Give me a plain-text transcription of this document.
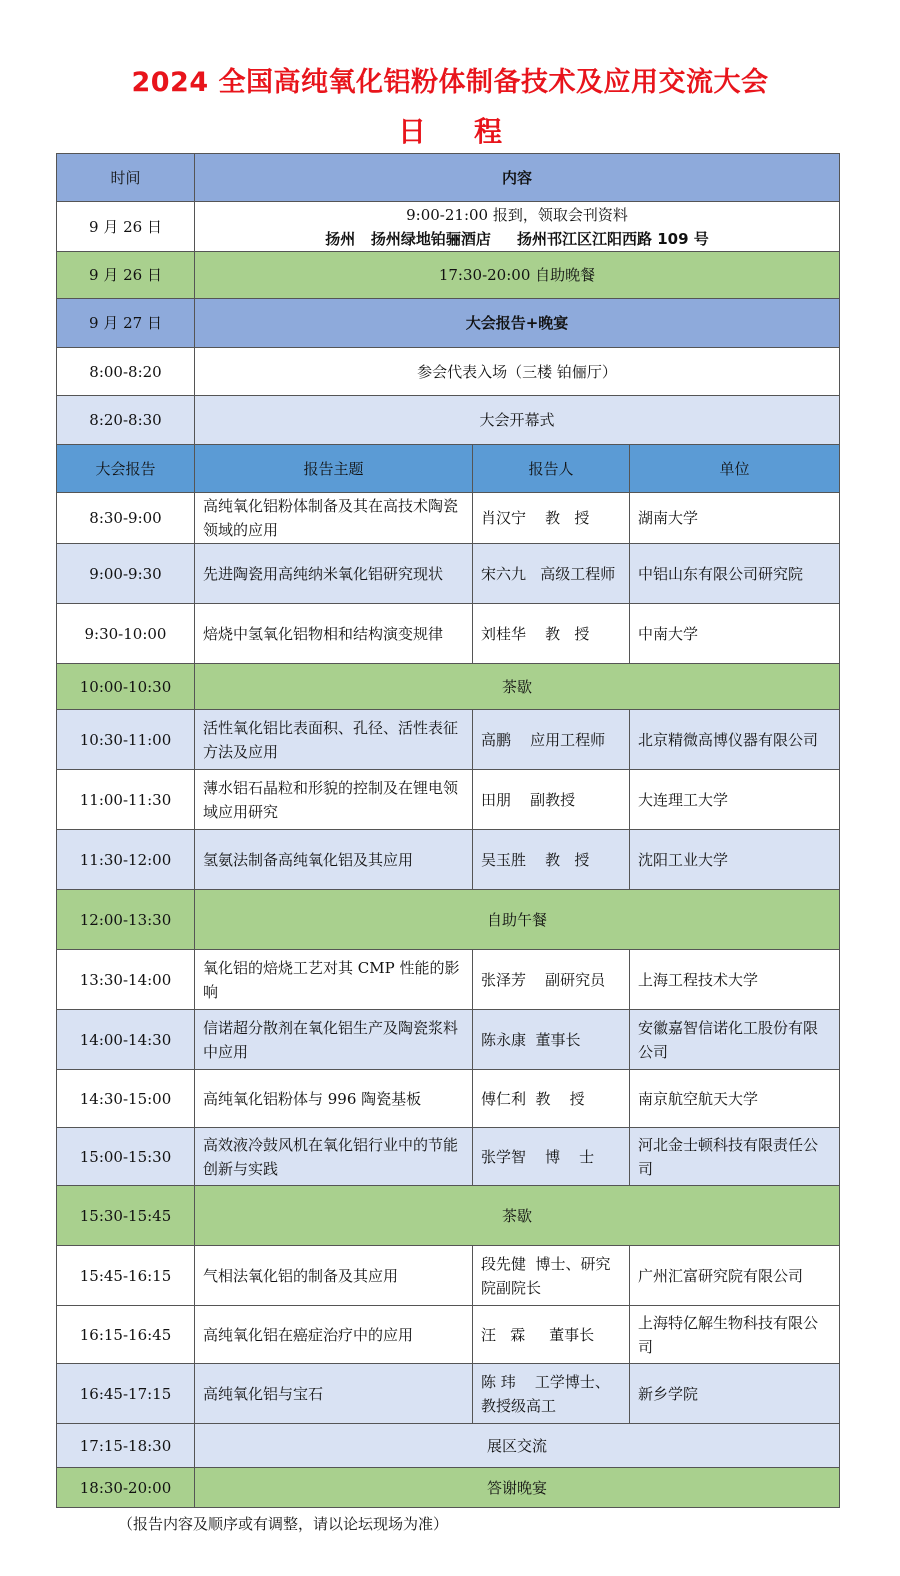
2024 全国高纯氧化铝粉体制备技术及应用交流大会
日程
时间	内容		
9 月 26 日	9:00-21:00 报到，领取会刊资料
扬州   扬州绿地铂骊酒店     扬州邗江区江阳西路 109 号		

9 月 26 日	17:30-20:00 自助晚餐		
9 月 27 日	大会报告+晚宴		
8:00-8:20	参会代表入场（三楼 铂俪厅）		
8:20-8:30	大会开幕式		
大会报告	报告主题	报告人	单位
8:30-9:00	高纯氧化铝粉体制备及其在高技术陶瓷领域的应用	肖汉宁    教   授	湖南大学
9:00-9:30	先进陶瓷用高纯纳米氧化铝研究现状	宋六九   高级工程师	中铝山东有限公司研究院
9:30-10:00	焙烧中氢氧化铝物相和结构演变规律	刘桂华    教   授	中南大学
10:00-10:30	茶歇		
10:30-11:00	活性氧化铝比表面积、孔径、活性表征方法及应用	高鹏    应用工程师	北京精微高博仪器有限公司
11:00-11:30	薄水铝石晶粒和形貌的控制及在锂电领域应用研究	田朋    副教授	大连理工大学
11:30-12:00	氢氨法制备高纯氧化铝及其应用	吴玉胜    教   授	沈阳工业大学
12:00-13:30	自助午餐		
13:30-14:00	氧化铝的焙烧工艺对其 CMP 性能的影响	张泽芳    副研究员	上海工程技术大学
14:00-14:30	信诺超分散剂在氧化铝生产及陶瓷浆料中应用	陈永康  董事长	安徽嘉智信诺化工股份有限公司
14:30-15:00	高纯氧化铝粉体与 996 陶瓷基板	傅仁利  教    授	南京航空航天大学
15:00-15:30	高效液冷鼓风机在氧化铝行业中的节能创新与实践	张学智    博    士	河北金士顿科技有限责任公司
15:30-15:45	茶歇		
15:45-16:15	气相法氧化铝的制备及其应用	段先健  博士、研究院副院长	广州汇富研究院有限公司
16:15-16:45	高纯氧化铝在癌症治疗中的应用	汪   霖     董事长	上海特亿解生物科技有限公司
16:45-17:15	高纯氧化铝与宝石	陈 玮    工学博士、教授级高工	新乡学院
17:15-18:30	展区交流		
18:30-20:00	答谢晚宴		
（报告内容及顺序或有调整，请以论坛现场为准）
